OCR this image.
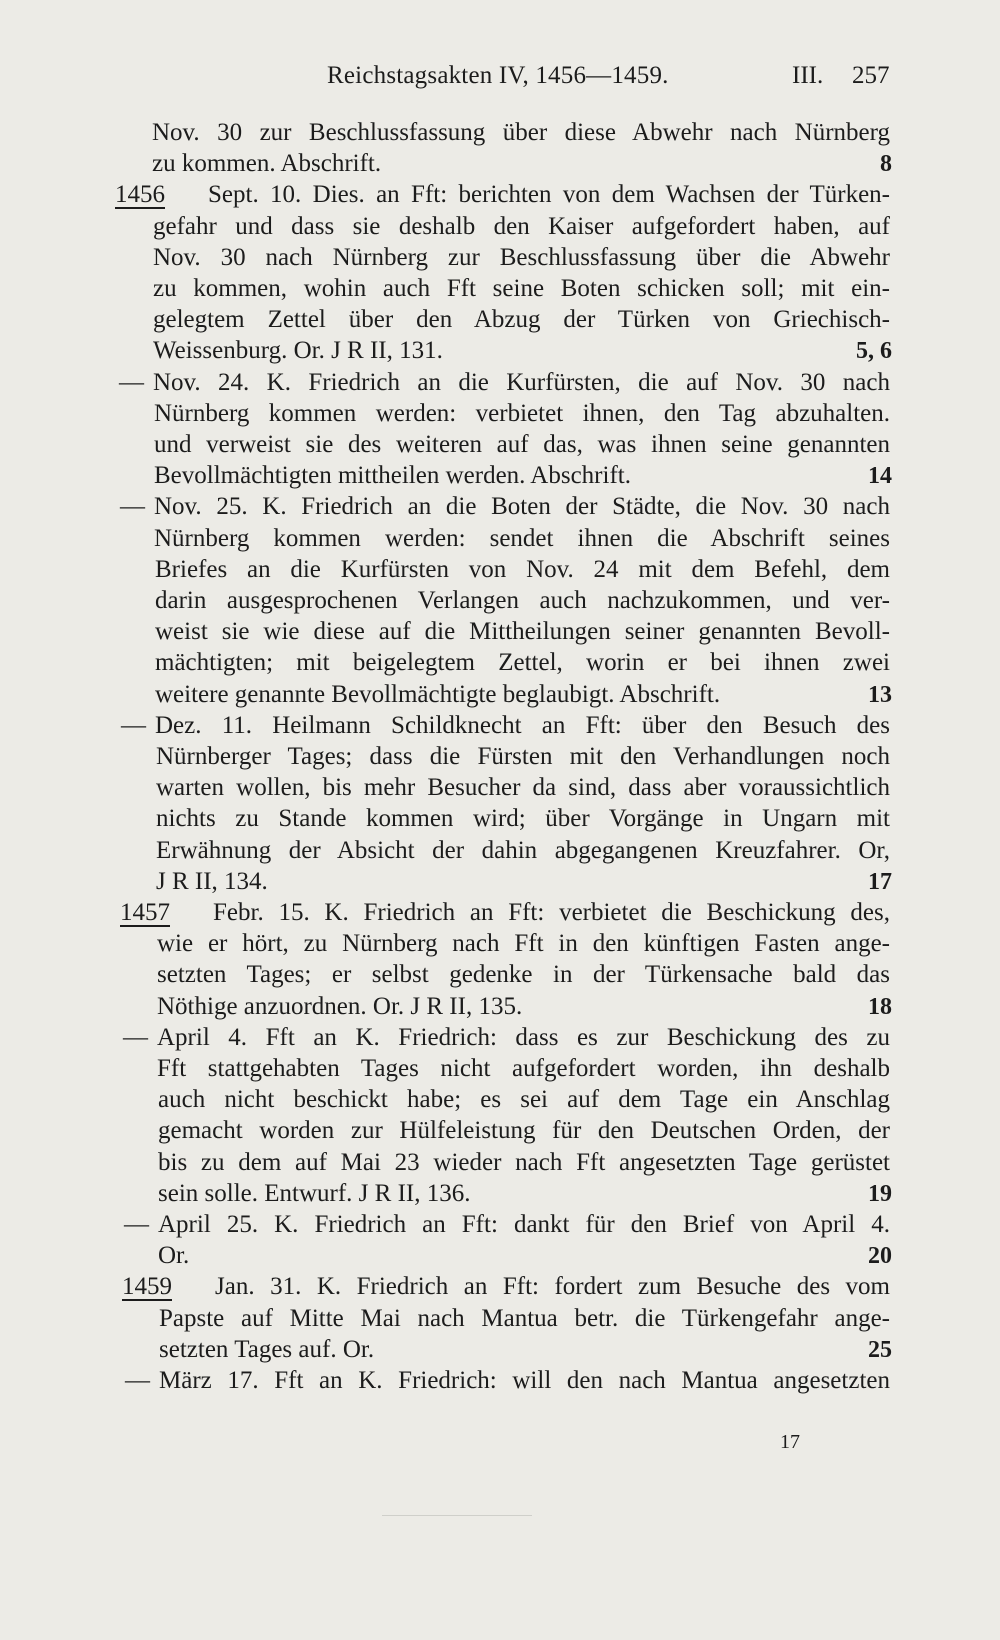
Reichstagsakten IV, 1456—1459.	III. 257
Nov. 30 zur Beschlussfassung über diese Abwehr nach Nürnberg
zu kommen. Abschrift.	8
1456 Sept. 10. Dies. an Fft: berichten von dem Wachsen der Türken-
gefahr und dass sie deshalb den Kaiser aufgefordert haben, auf
Nov. 30 nach Nürnberg zur Beschlussfassung über die Abwehr
zu kommen, wohin auch Fft seine Boten schicken soll; mit ein-
gelegtem Zettel über den Abzug der Türken von Griechisch-
Weissenburg. Or. J R II, 131.	5, 6
— Nov. 24. K. Friedrich an die Kurfürsten, die auf Nov. 30 nach
Nürnberg kommen werden: verbietet ihnen, den Tag abzuhalten.
und verweist sie des weiteren auf das, was ihnen seine genannten
Bevollmächtigten mittheilen werden. Abschrift.	14
— Nov. 25. K. Friedrich an die Boten der Städte, die Nov. 30 nach
Nürnberg kommen werden: sendet ihnen die Abschrift seines
Briefes an die Kurfürsten von Nov. 24 mit dem Befehl, dem
darin ausgesprochenen Verlangen auch nachzukommen, und ver-
weist sie wie diese auf die Mittheilungen seiner genannten Bevoll-
mächtigten; mit beigelegtem Zettel, worin er bei ihnen zwei
weitere genannte Bevollmächtigte beglaubigt. Abschrift.	13
— Dez. 11. Heilmann Schildknecht an Fft: über den Besuch des
Nürnberger Tages; dass die Fürsten mit den Verhandlungen noch
warten wollen, bis mehr Besucher da sind, dass aber voraussichtlich
nichts zu Stande kommen wird; über Vorgänge in Ungarn mit
Erwähnung der Absicht der dahin abgegangenen Kreuzfahrer. Or,
J R II, 134.	17
1457 Febr. 15. K. Friedrich an Fft: verbietet die Beschickung des,
wie er hört, zu Nürnberg nach Fft in den künftigen Fasten ange-
setzten Tages; er selbst gedenke in der Türkensache bald das
Nöthige anzuordnen. Or. J R II, 135.	18
— April 4. Fft an K. Friedrich: dass es zur Beschickung des zu
Fft stattgehabten Tages nicht aufgefordert worden, ihn deshalb
auch nicht beschickt habe; es sei auf dem Tage ein Anschlag
gemacht worden zur Hülfeleistung für den Deutschen Orden, der
bis zu dem auf Mai 23 wieder nach Fft angesetzten Tage gerüstet
sein solle. Entwurf. J R II, 136.	19
— April 25. K. Friedrich an Fft: dankt für den Brief von April 4.
Or.	20
1459 Jan. 31. K. Friedrich an Fft: fordert zum Besuche des vom
Papste auf Mitte Mai nach Mantua betr. die Türkengefahr ange-
setzten Tages auf. Or.	25
— März 17. Fft an K. Friedrich: will den nach Mantua angesetzten
17
